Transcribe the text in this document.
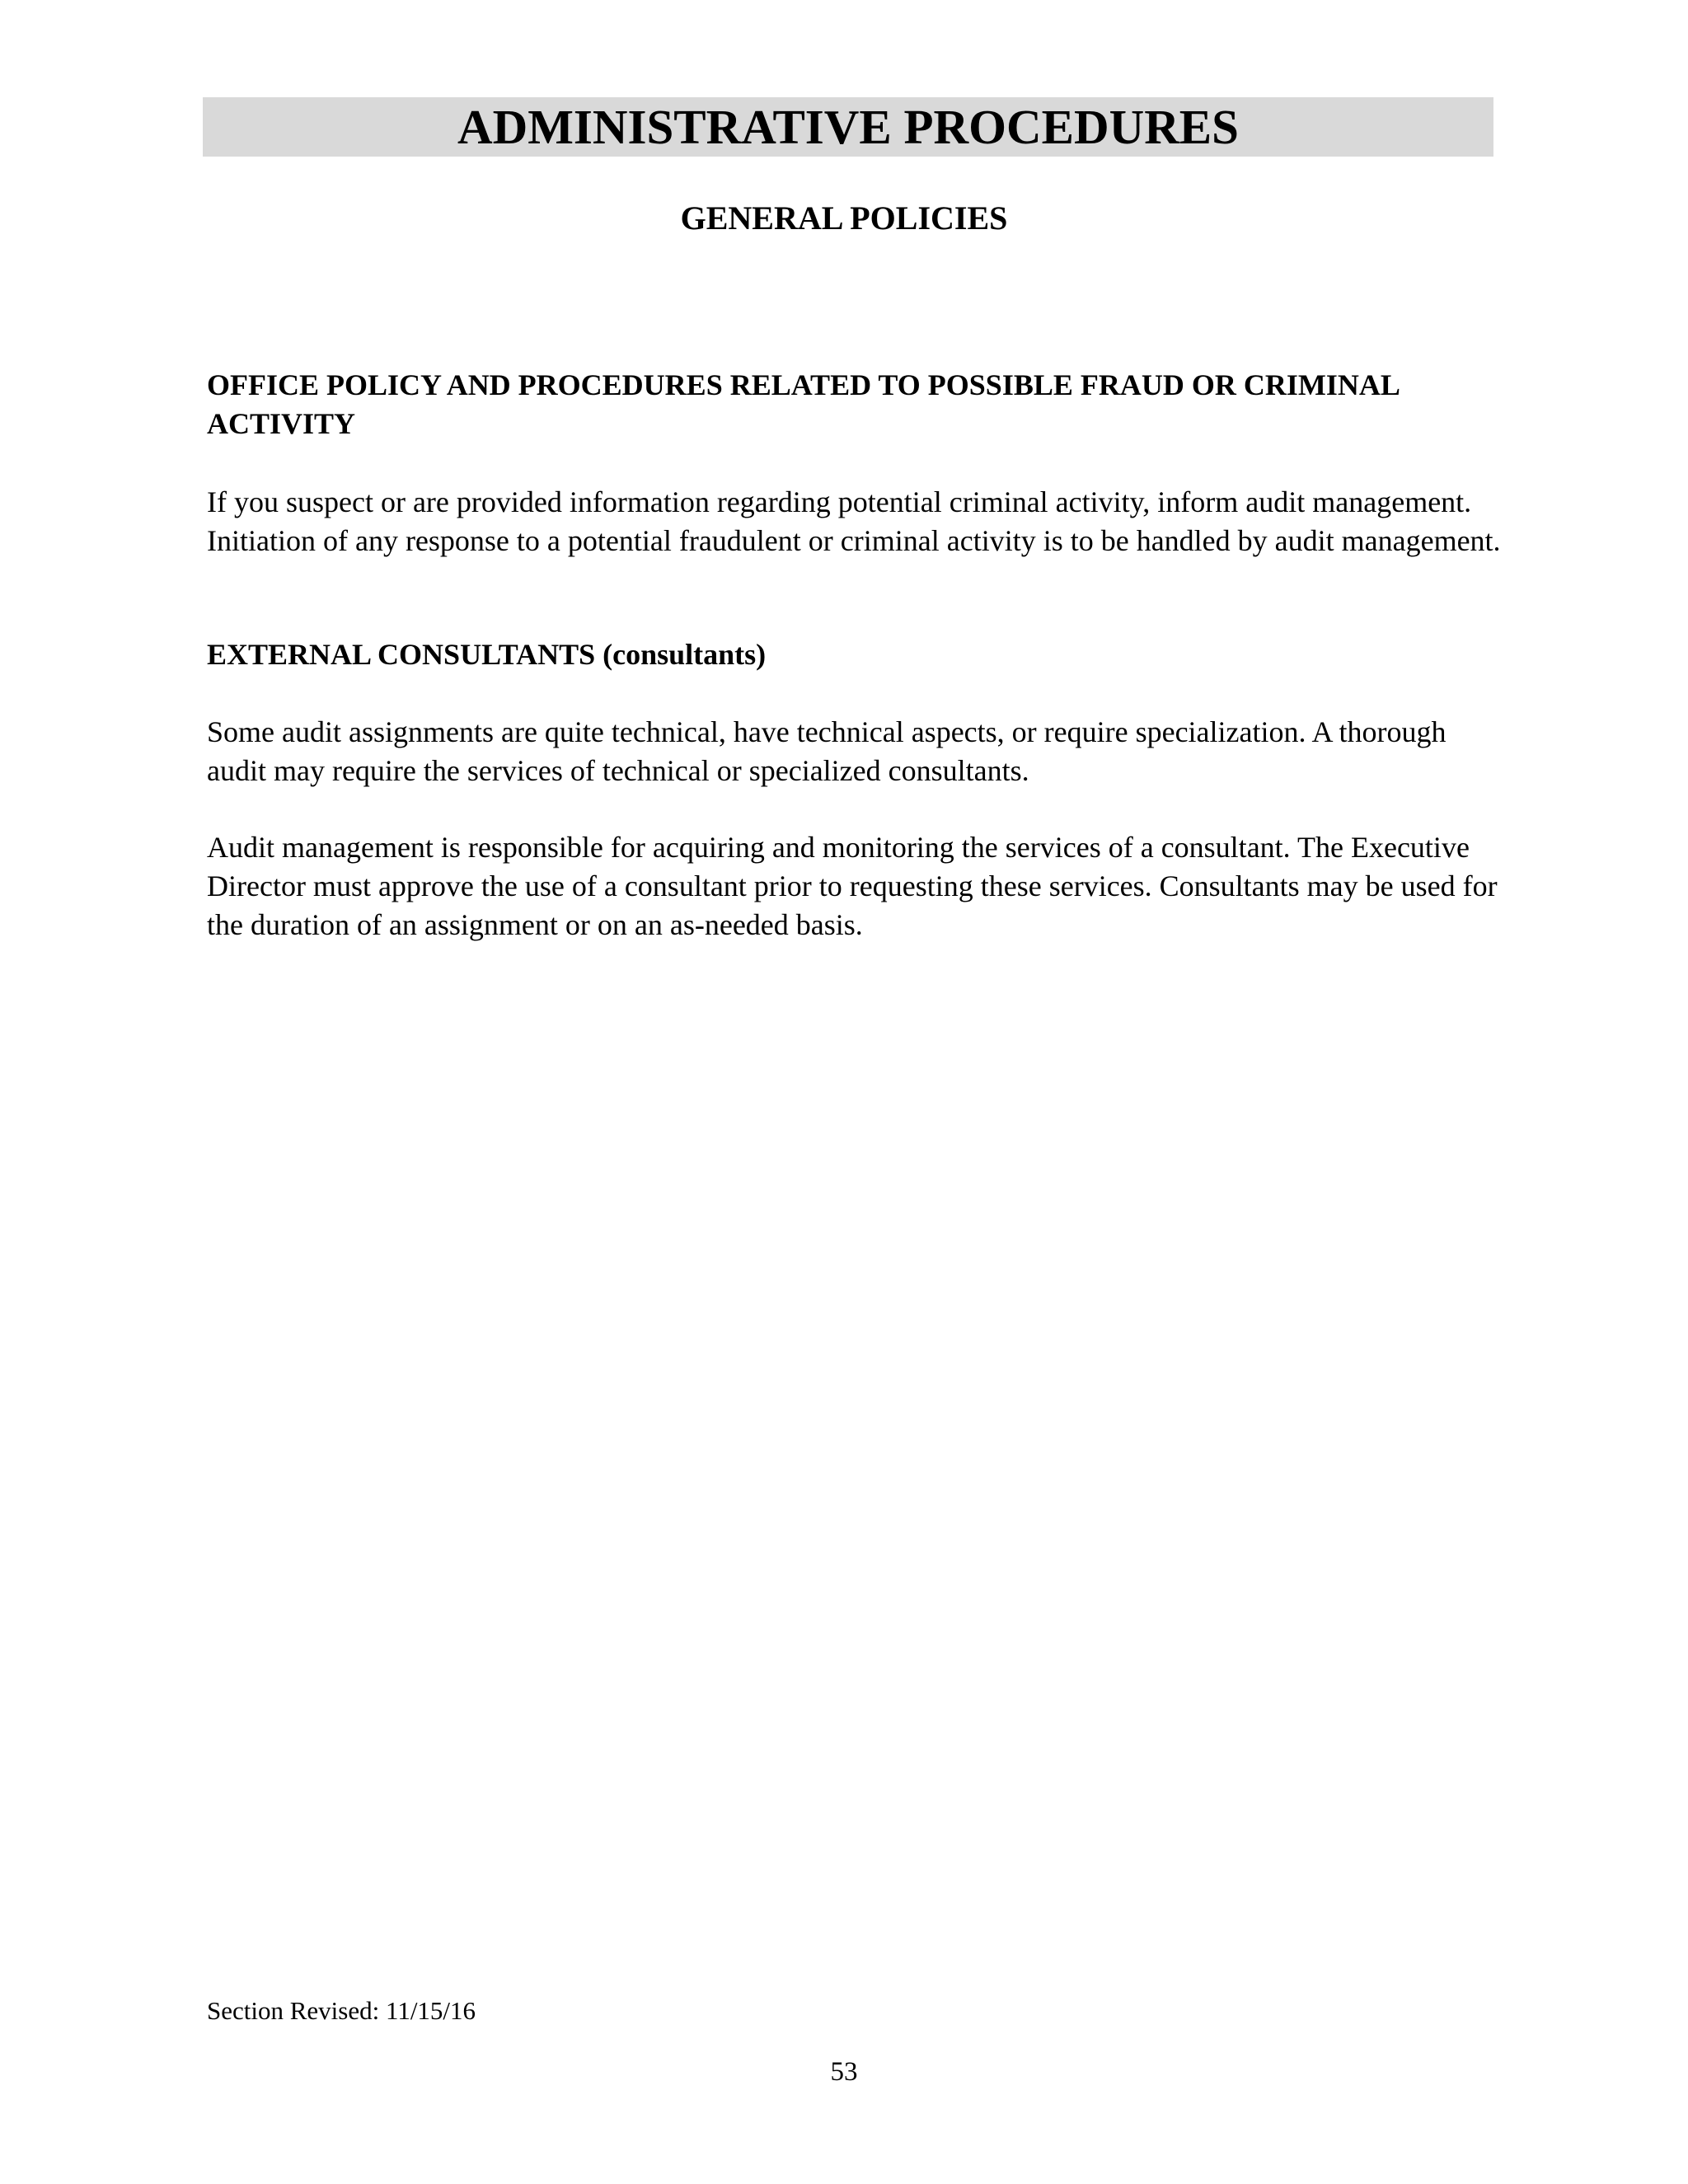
ADMINISTRATIVE PROCEDURES
GENERAL POLICIES
OFFICE POLICY AND PROCEDURES RELATED TO POSSIBLE FRAUD OR CRIMINAL ACTIVITY

If you suspect or are provided information regarding potential criminal activity, inform audit management. Initiation of any response to a potential fraudulent or criminal activity is to be handled by audit management.

EXTERNAL CONSULTANTS (consultants)

Some audit assignments are quite technical, have technical aspects, or require specialization. A thorough audit may require the services of technical or specialized consultants.

Audit management is responsible for acquiring and monitoring the services of a consultant. The Executive Director must approve the use of a consultant prior to requesting these services. Consultants may be used for the duration of an assignment or on an as-needed basis.

Section Revised: 11/15/16

53
